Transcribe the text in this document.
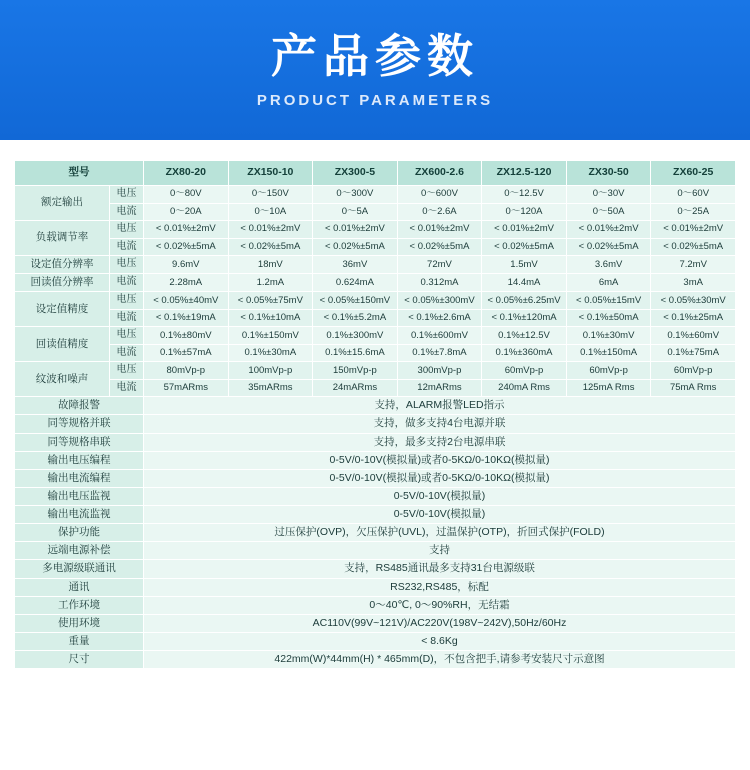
产品参数
PRODUCT PARAMETERS
型号		ZX80-20	ZX150-10	ZX300-5	ZX600-2.6	ZX12.5-120	ZX30-50	ZX60-25
额定输出	电压	0～80V	0～150V	0～300V	0～600V	0～12.5V	0～30V	0～60V
	电流	0～20A	0～10A	0～5A	0～2.6A	0～120A	0～50A	0～25A
负载调节率	电压	< 0.01%±2mV	< 0.01%±2mV	< 0.01%±2mV	< 0.01%±2mV	< 0.01%±2mV	< 0.01%±2mV	< 0.01%±2mV
	电流	< 0.02%±5mA	< 0.02%±5mA	< 0.02%±5mA	< 0.02%±5mA	< 0.02%±5mA	< 0.02%±5mA	< 0.02%±5mA
设定值分辨率	电压	9.6mV	18mV	36mV	72mV	1.5mV	3.6mV	7.2mV
回读值分辨率	电流	2.28mA	1.2mA	0.624mA	0.312mA	14.4mA	6mA	3mA
设定值精度	电压	< 0.05%±40mV	< 0.05%±75mV	< 0.05%±150mV	< 0.05%±300mV	< 0.05%±6.25mV	< 0.05%±15mV	< 0.05%±30mV
	电流	< 0.1%±19mA	< 0.1%±10mA	< 0.1%±5.2mA	< 0.1%±2.6mA	< 0.1%±120mA	< 0.1%±50mA	< 0.1%±25mA
回读值精度	电压	0.1%±80mV	0.1%±150mV	0.1%±300mV	0.1%±600mV	0.1%±12.5V	0.1%±30mV	0.1%±60mV
	电流	0.1%±57mA	0.1%±30mA	0.1%±15.6mA	0.1%±7.8mA	0.1%±360mA	0.1%±150mA	0.1%±75mA
纹波和噪声	电压	80mVp-p	100mVp-p	150mVp-p	300mVp-p	60mVp-p	60mVp-p	60mVp-p
	电流	57mARms	35mARms	24mARms	12mARms	240mA Rms	125mA Rms	75mA Rms
故障报警		支持，ALARM报警LED指示						
同等规格并联		支持，做多支持4台电源并联						
同等规格串联		支持，最多支持2台电源串联						
输出电压编程		0-5V/0-10V(模拟量)或者0-5KΩ/0-10KΩ(模拟量)						
输出电流编程		0-5V/0-10V(模拟量)或者0-5KΩ/0-10KΩ(模拟量)						
输出电压监视		0-5V/0-10V(模拟量)						
输出电流监视		0-5V/0-10V(模拟量)						
保护功能		过压保护(OVP)，欠压保护(UVL)，过温保护(OTP)，折回式保护(FOLD)						
远端电源补偿		支持						
多电源级联通讯		支持，RS485通讯最多支持31台电源级联						
通讯		RS232,RS485，标配						
工作环境		0～40℃, 0～90%RH，无结霜						
使用环境		AC110V(99V~121V)/AC220V(198V~242V),50Hz/60Hz						
重量		< 8.6Kg						
尺寸		422mm(W)*44mm(H) * 465mm(D)，不包含把手,请参考安装尺寸示意图						
